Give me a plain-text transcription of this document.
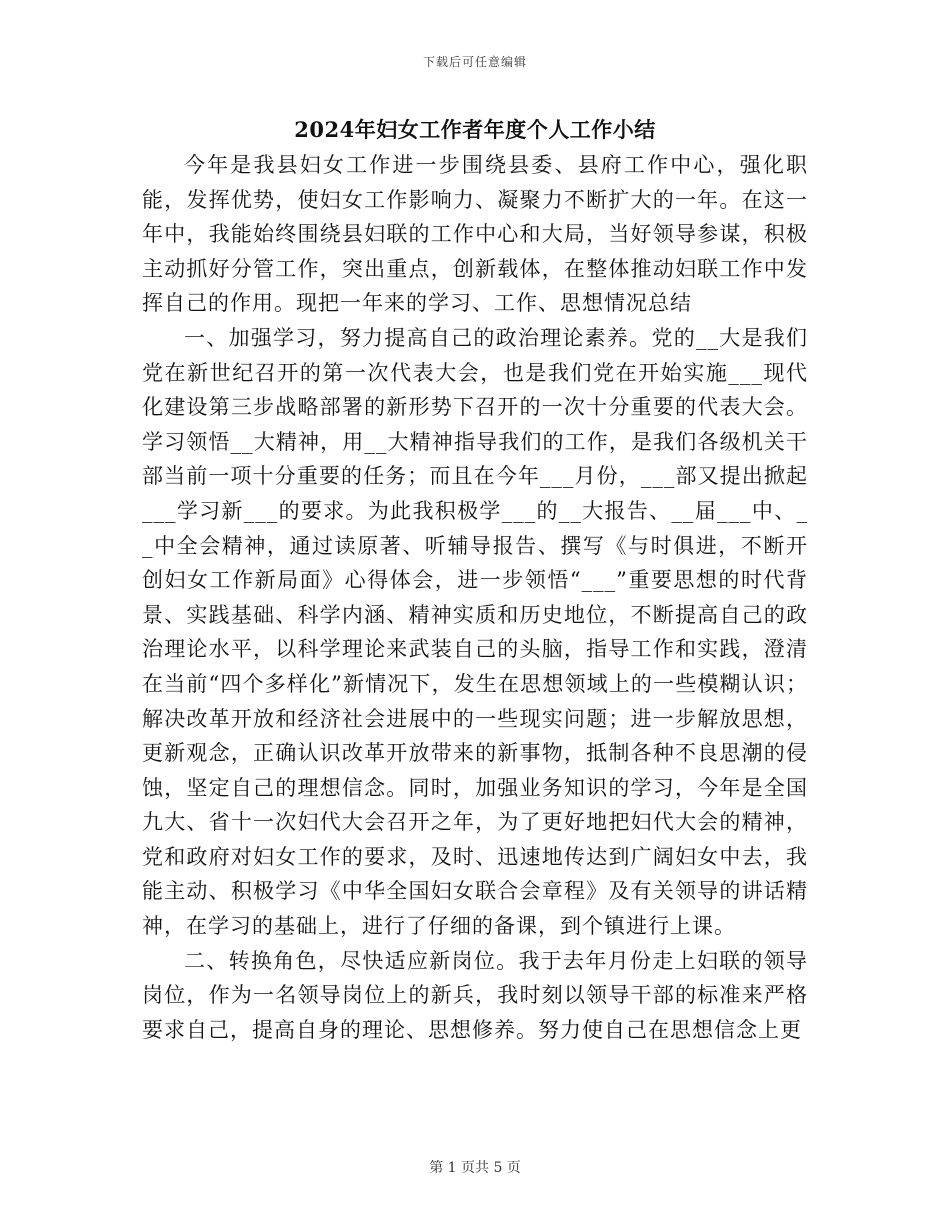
下载后可任意编辑
2024年妇女工作者年度个人工作小结

今年是我县妇女工作进一步围绕县委、县府工作中心，强化职能，发挥优势，使妇女工作影响力、凝聚力不断扩大的一年。在这一年中，我能始终围绕县妇联的工作中心和大局，当好领导参谋，积极主动抓好分管工作，突出重点，创新载体，在整体推动妇联工作中发挥自己的作用。现把一年来的学习、工作、思想情况总结

一、加强学习，努力提高自己的政治理论素养。党的__大是我们党在新世纪召开的第一次代表大会，也是我们党在开始实施___现代化建设第三步战略部署的新形势下召开的一次十分重要的代表大会。学习领悟__大精神，用__大精神指导我们的工作，是我们各级机关干部当前一项十分重要的任务；而且在今年___月份，___部又提出掀起___学习新___的要求。为此我积极学___的__大报告、__届___中、__中全会精神，通过读原著、听辅导报告、撰写《与时俱进，不断开创妇女工作新局面》心得体会，进一步领悟“___”重要思想的时代背景、实践基础、科学内涵、精神实质和历史地位，不断提高自己的政治理论水平，以科学理论来武装自己的头脑，指导工作和实践，澄清在当前“四个多样化”新情况下，发生在思想领域上的一些模糊认识；解决改革开放和经济社会进展中的一些现实问题；进一步解放思想，更新观念，正确认识改革开放带来的新事物，抵制各种不良思潮的侵蚀，坚定自己的理想信念。同时，加强业务知识的学习，今年是全国九大、省十一次妇代大会召开之年，为了更好地把妇代大会的精神，党和政府对妇女工作的要求，及时、迅速地传达到广阔妇女中去，我能主动、积极学习《中华全国妇女联合会章程》及有关领导的讲话精神，在学习的基础上，进行了仔细的备课，到个镇进行上课。

二、转换角色，尽快适应新岗位。我于去年月份走上妇联的领导岗位，作为一名领导岗位上的新兵，我时刻以领导干部的标准来严格要求自己，提高自身的理论、思想修养。努力使自己在思想信念上更

第 1 页共 5 页
